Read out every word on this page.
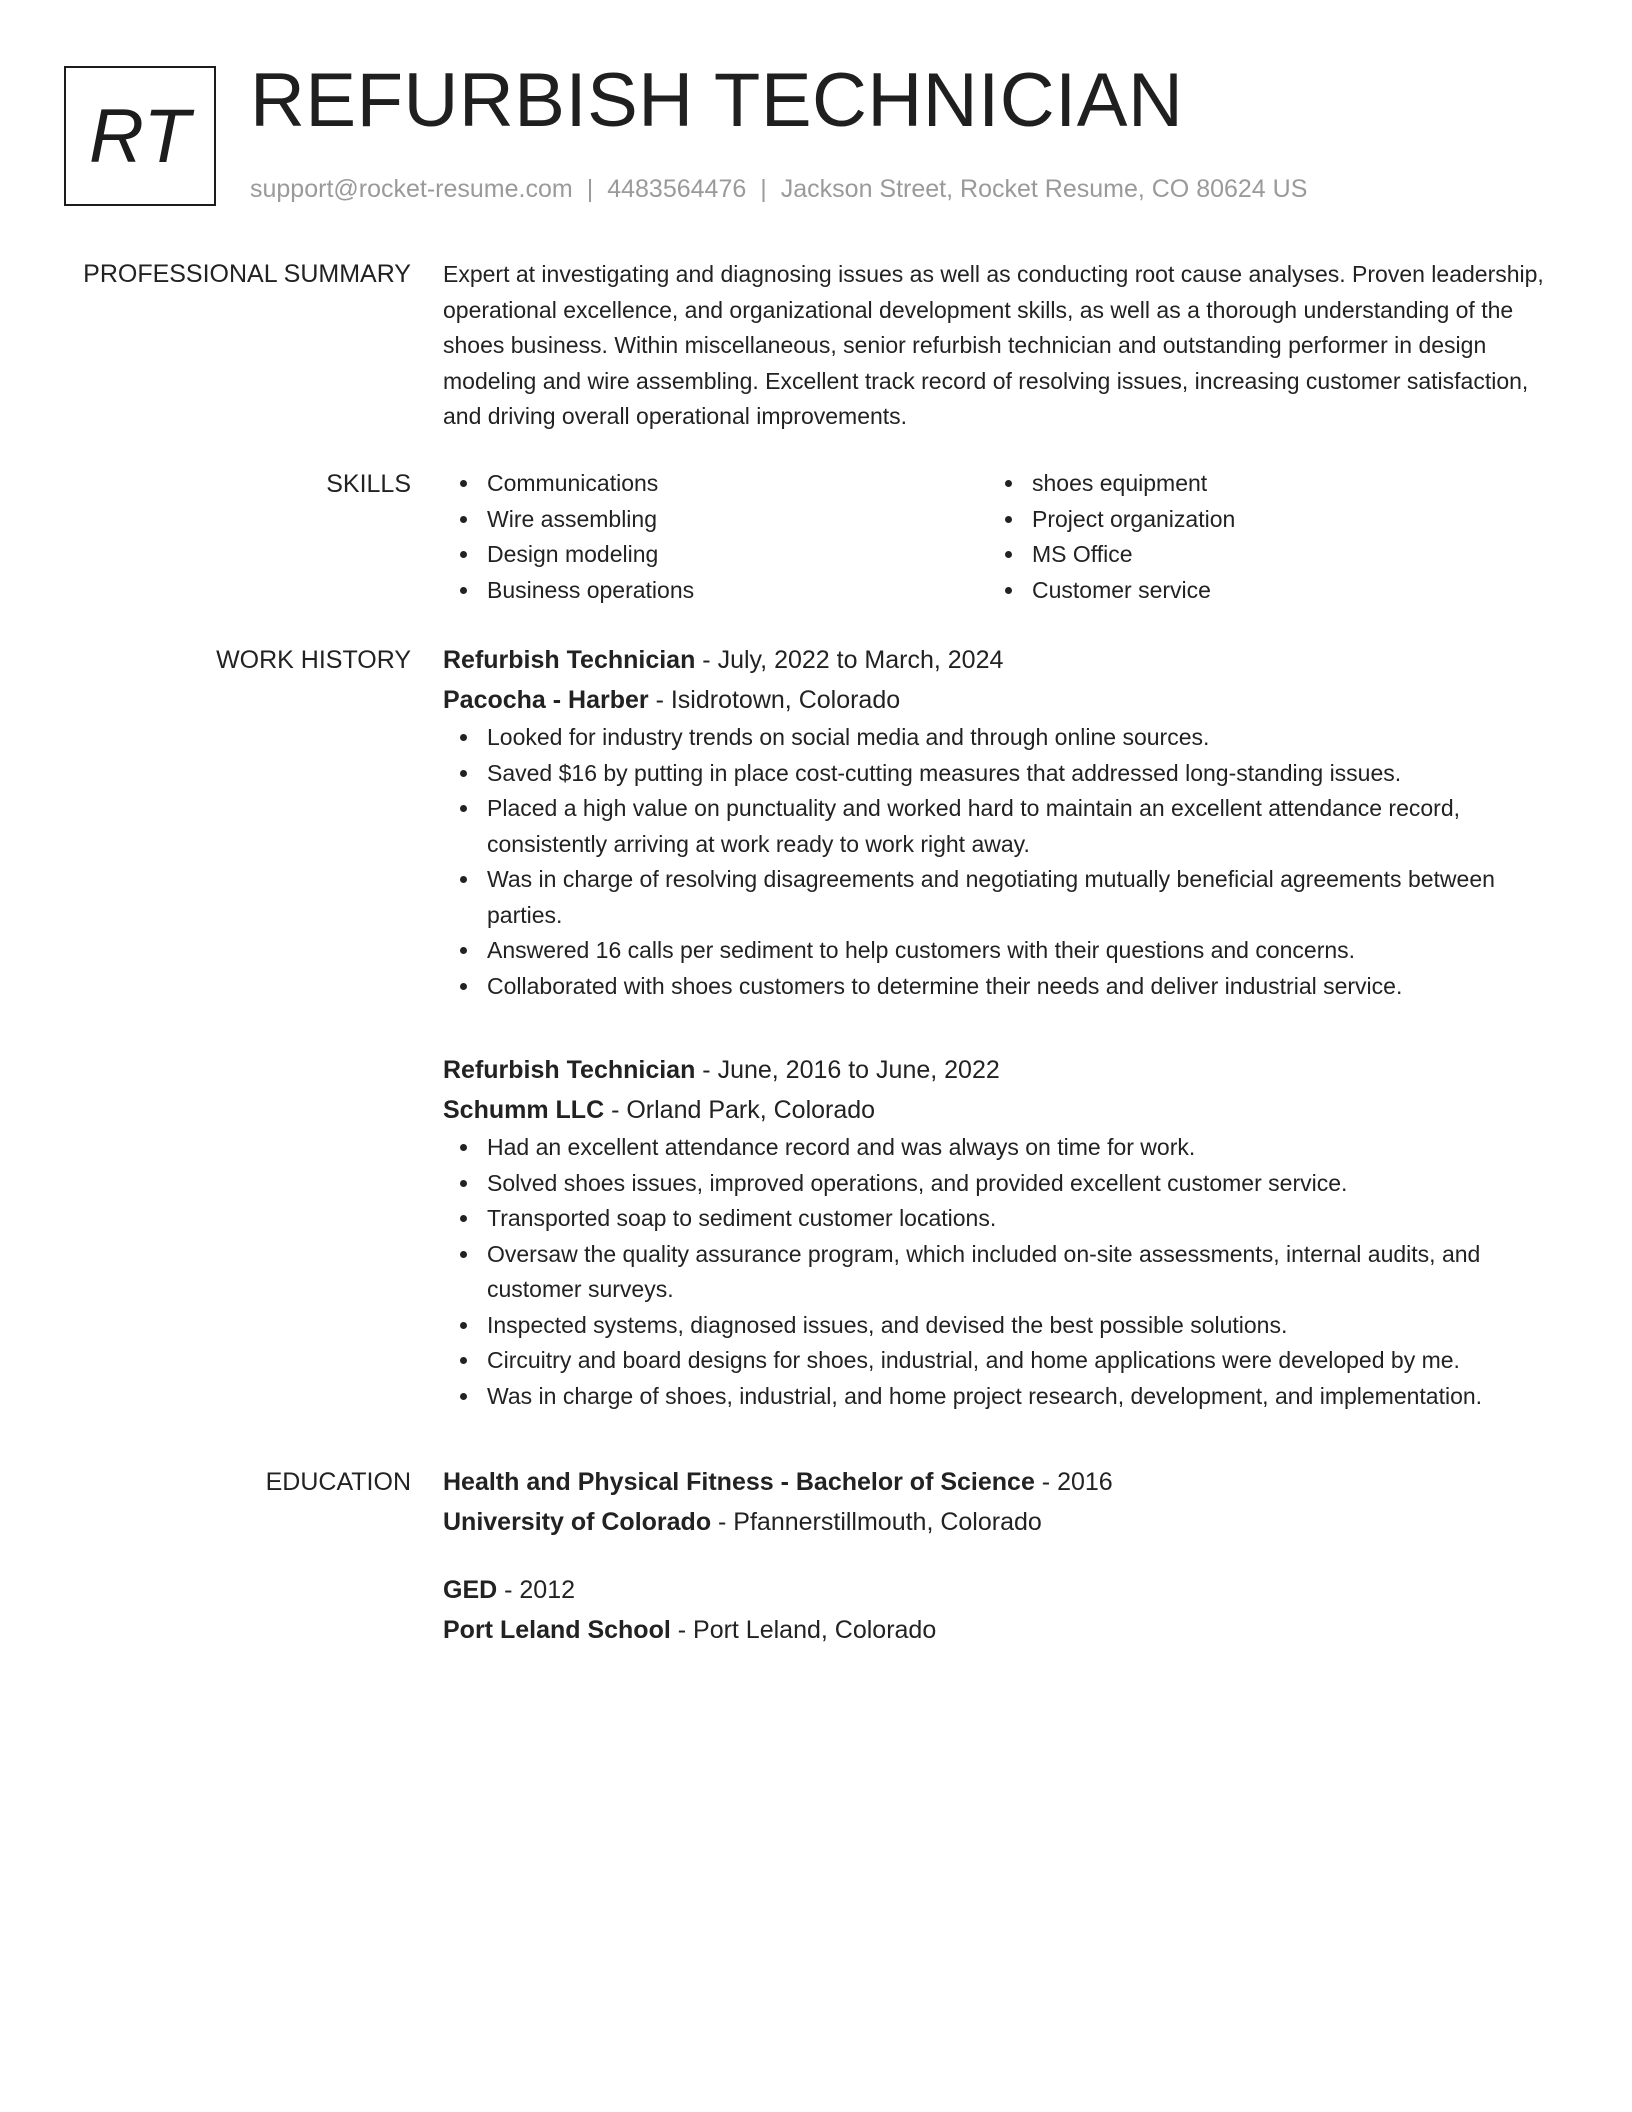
RT REFURBISH TECHNICIAN
support@rocket-resume.com | 4483564476 | Jackson Street, Rocket Resume, CO 80624 US
PROFESSIONAL SUMMARY Expert at investigating and diagnosing issues as well as conducting root cause analyses. Proven leadership, operational excellence, and organizational development skills, as well as a thorough understanding of the shoes business. Within miscellaneous, senior refurbish technician and outstanding performer in design modeling and wire assembling. Excellent track record of resolving issues, increasing customer satisfaction, and driving overall operational improvements.

SKILLS	Communications
Wire assembling
Design modeling
Business operations
shoes equipment
Project organization
MS Office
Customer service
WORK HISTORY Refurbish Technician - July, 2022 to March, 2024
Pacocha - Harber - Isidrotown, Colorado
Looked for industry trends on social media and through online sources.
Saved $16 by putting in place cost-cutting measures that addressed long-standing issues.
Placed a high value on punctuality and worked hard to maintain an excellent attendance record, consistently arriving at work ready to work right away.
Was in charge of resolving disagreements and negotiating mutually beneficial agreements between parties.
Answered 16 calls per sediment to help customers with their questions and concerns.
Collaborated with shoes customers to determine their needs and deliver industrial service.
Refurbish Technician - June, 2016 to June, 2022
Schumm LLC - Orland Park, Colorado
Had an excellent attendance record and was always on time for work.
Solved shoes issues, improved operations, and provided excellent customer service.
Transported soap to sediment customer locations.
Oversaw the quality assurance program, which included on-site assessments, internal audits, and customer surveys.
Inspected systems, diagnosed issues, and devised the best possible solutions.
Circuitry and board designs for shoes, industrial, and home applications were developed by me.
Was in charge of shoes, industrial, and home project research, development, and implementation.
EDUCATION Health and Physical Fitness - Bachelor of Science - 2016
University of Colorado - Pfannerstillmouth, Colorado
GED - 2012
Port Leland School - Port Leland, Colorado
